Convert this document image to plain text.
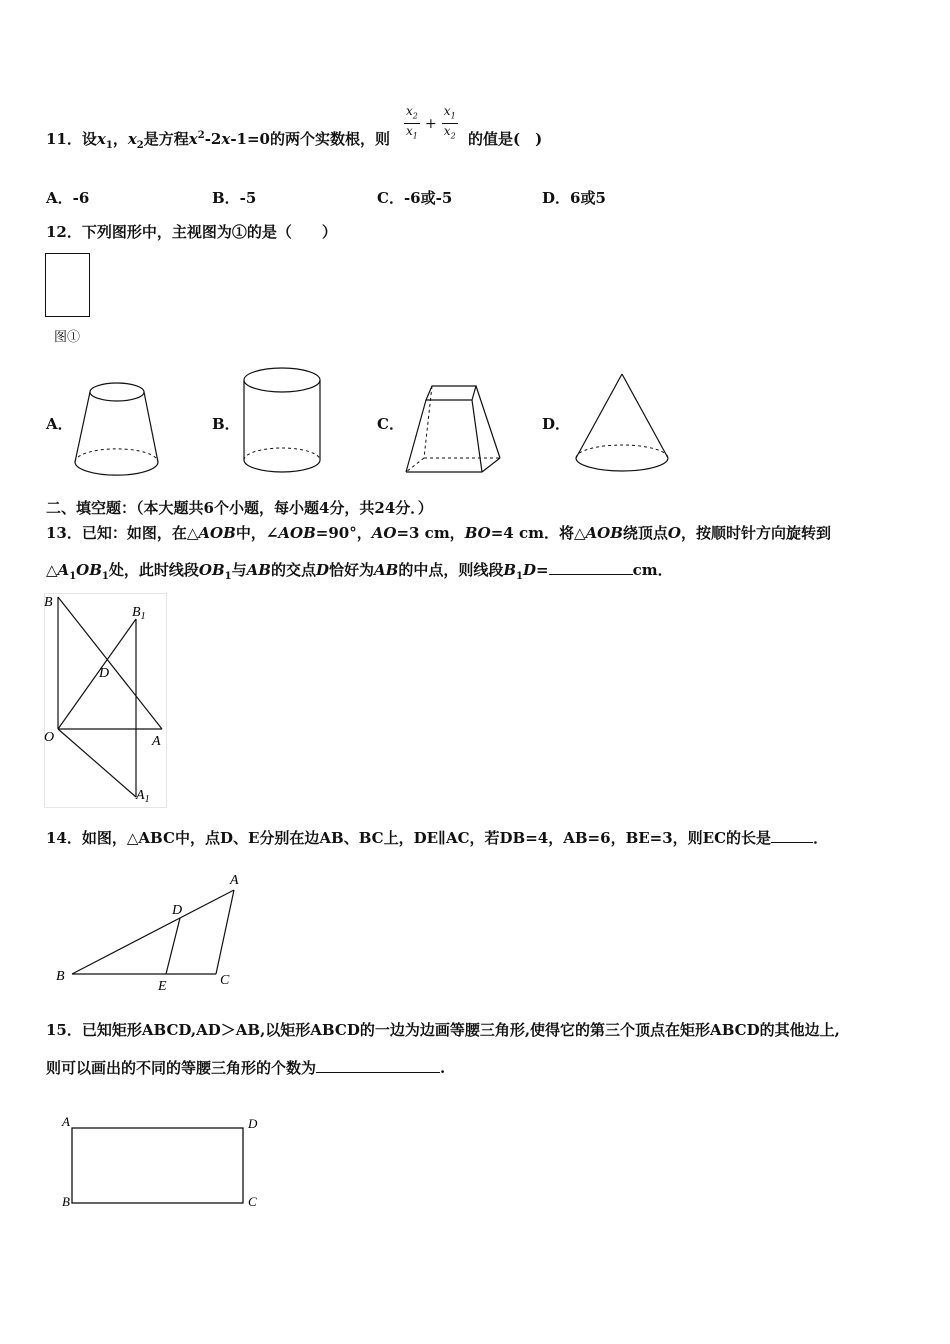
11．设$x_1$，$x_2$是方程$x^2-2x-1=0$的两个实数根，则 $\frac{x_2}{x_1} + \frac{x_1}{x_2}$ 的值是(　)
A．-6	B．-5	C．-6或-5	D．6或5
12．下列图形中，主视图为①的是（　　）
图①
A．	B．	C．	D．
二、填空题：（本大题共6个小题，每小题4分，共24分．）
13．已知：如图，在△AOB中，∠AOB=90°，AO=3 cm，BO=4 cm．将△AOB绕顶点O，按顺时针方向旋转到
$\triangle A_1OB_1$处，此时线段$OB_1$与AB的交点D恰好为AB的中点，则线段$B_1D=$	cm．
B
$B_1$
D
O	A
$A_1$
14．如图，△ABC中，点D、E分别在边AB、BC上，DE∥AC，若DB=4，AB=6，BE=3，则EC的长是	．
A
D
B
E	C
15．已知矩形ABCD,AD＞AB,以矩形ABCD的一边为边画等腰三角形,使得它的第三个顶点在矩形ABCD的其他边上,
则可以画出的不同的等腰三角形的个数为	.
A	D
B	C
